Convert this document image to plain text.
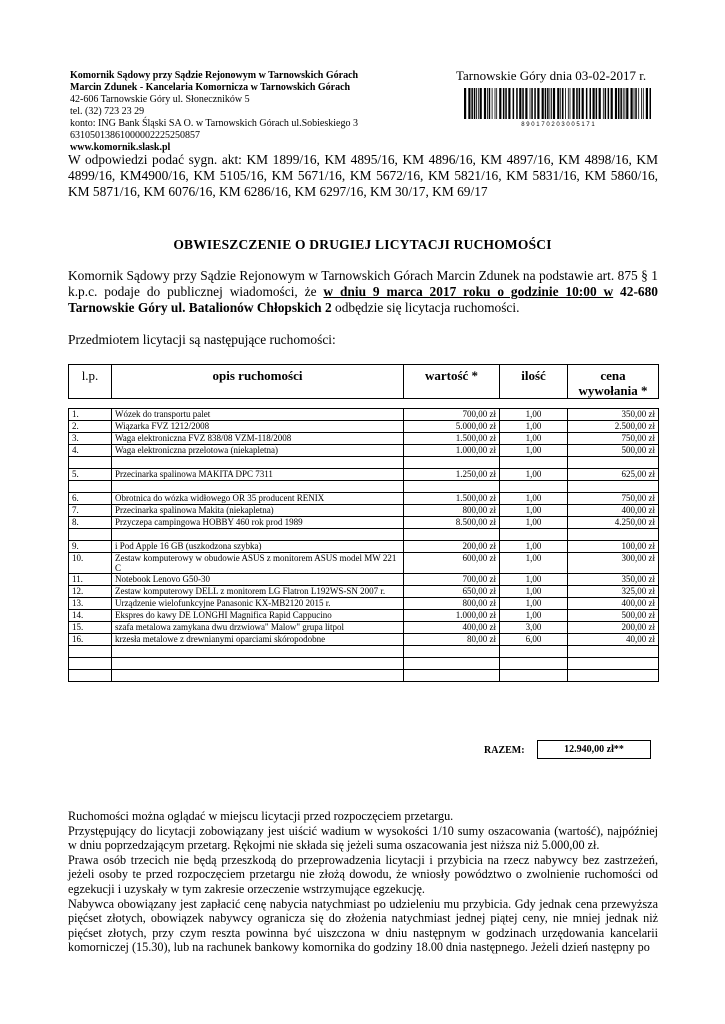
Komornik Sądowy przy Sądzie Rejonowym w Tarnowskich Górach
Marcin Zdunek - Kancelaria Komornicza w Tarnowskich Górach
42-606 Tarnowskie Góry ul. Słoneczników 5
tel. (32) 723 23 29
konto: ING Bank Śląski SA O. w Tarnowskich Górach ul.Sobieskiego 3
63105013861000002225250857
www.komornik.slask.pl
Tarnowskie Góry dnia 03-02-2017 r.
8 9 0 1 7 0 2 0 3 0 0 5 1 7 1
W odpowiedzi podać sygn. akt: KM 1899/16, KM 4895/16, KM 4896/16, KM 4897/16, KM 4898/16, KM 4899/16, KM4900/16, KM 5105/16, KM 5671/16, KM 5672/16, KM 5821/16, KM 5831/16, KM 5860/16, KM 5871/16, KM 6076/16, KM 6286/16, KM 6297/16, KM 30/17, KM 69/17
OBWIESZCZENIE O DRUGIEJ LICYTACJI RUCHOMOŚCI
Komornik Sądowy przy Sądzie Rejonowym w Tarnowskich Górach Marcin Zdunek na podstawie art. 875 § 1 k.p.c. podaje do publicznej wiadomości, że w dniu 9 marca 2017 roku o godzinie 10:00 w 42-680 Tarnowskie Góry ul. Batalionów Chłopskich 2 odbędzie się licytacja ruchomości.
Przedmiotem licytacji są następujące ruchomości:
l.p.	opis ruchomości	wartość *	ilość	cena wywołania *

1.	Wózek do transportu palet	700,00 zł	1,00	350,00 zł
2.	Wiązarka FVZ 1212/2008	5.000,00 zł	1,00	2.500,00 zł
3.	Waga elektroniczna FVZ 838/08 VZM-118/2008	1.500,00 zł	1,00	750,00 zł
4.	Waga elektroniczna przelotowa (niekapletna)	1.000,00 zł	1,00	500,00 zł

5.	Przecinarka spalinowa MAKITA DPC 7311	1.250,00 zł	1,00	625,00 zł

6.	Obrotnica do wózka widłowego OR 35 producent RENIX	1.500,00 zł	1,00	750,00 zł
7.	Przecinarka spalinowa Makita (niekapletna)	800,00 zł	1,00	400,00 zł
8.	Przyczepa campingowa HOBBY 460 rok prod 1989	8.500,00 zł	1,00	4.250,00 zł

9.	i Pod Apple 16 GB (uszkodzona szybka)	200,00 zł	1,00	100,00 zł
10.	Zestaw komputerowy w obudowie ASUS z monitorem ASUS model MW 221 C	600,00 zł	1,00	300,00 zł
11.	Notebook Lenovo G50-30	700,00 zł	1,00	350,00 zł
12.	Zestaw komputerowy DELL z monitorem LG Flatron L192WS-SN 2007 r.	650,00 zł	1,00	325,00 zł
13.	Urządzenie wielofunkcyjne Panasonic KX-MB2120 2015 r.	800,00 zł	1,00	400,00 zł
14.	Ekspres do kawy DE LONGHI Magnifica Rapid Cappucino	1.000,00 zł	1,00	500,00 zł
15.	szafa metalowa zamykana dwu drzwiowa" Malow" grupa litpol	400,00 zł	3,00	200,00 zł
16.	krzesła metalowe z drewnianymi oparciami skóropodobne	80,00 zł	6,00	40,00 zł

RAZEM:	12.940,00 zł**

Ruchomości można oglądać w miejscu licytacji przed rozpoczęciem przetargu.

Przystępujący do licytacji zobowiązany jest uiścić wadium w wysokości 1/10 sumy oszacowania (wartość), najpóźniej w dniu poprzedzającym przetarg. Rękojmi nie składa się jeżeli suma oszacowania jest niższa niż 5.000,00 zł.

Prawa osób trzecich nie będą przeszkodą do przeprowadzenia licytacji i przybicia na rzecz nabywcy bez zastrzeżeń, jeżeli osoby te przed rozpoczęciem przetargu nie złożą dowodu, że wniosły powództwo o zwolnienie ruchomości od egzekucji i uzyskały w tym zakresie orzeczenie wstrzymujące egzekucję.

Nabywca obowiązany jest zapłacić cenę nabycia natychmiast po udzieleniu mu przybicia. Gdy jednak cena przewyższa pięćset złotych, obowiązek nabywcy ogranicza się do złożenia natychmiast jednej piątej ceny, nie mniej jednak niż pięćset złotych, przy czym reszta powinna być uiszczona w dniu następnym w godzinach urzędowania kancelarii komorniczej (15.30), lub na rachunek bankowy komornika do godziny 18.00 dnia następnego. Jeżeli dzień następny po
